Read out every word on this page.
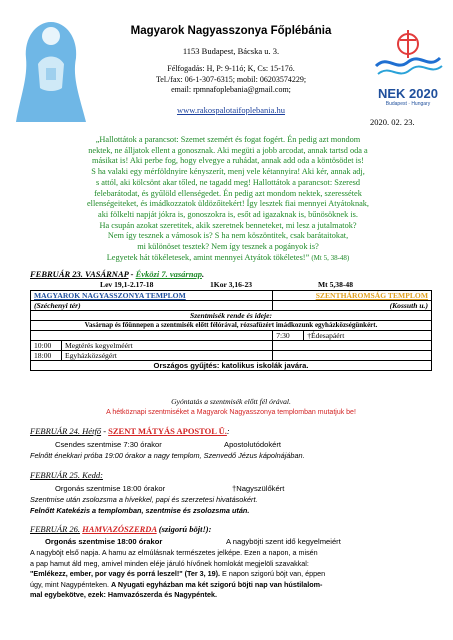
NEK 2020
Budapest · Hungary
Magyarok Nagyasszonya Főplébánia
1153 Budapest, Bácska u. 3.
Félfogadás: H, P: 9-11ó; K, Cs: 15-17ó.
Tel./fax: 06-1-307-6315; mobil: 06203574229;
email: rpmnafoplebania@gmail.com;
www.rakospalotaifoplebania.hu
2020. 02. 23.
„Hallottátok a parancsot: Szemet szemért és fogat fogért. Én pedig azt mondom
nektek, ne álljatok ellent a gonosznak. Aki megüti a jobb arcodat, annak tartsd oda a
másikat is! Aki perbe fog, hogy elvegye a ruhádat, annak add oda a köntösödet is!
S ha valaki egy mérföldnyire kényszerít, menj vele kétannyira! Aki kér, annak adj,
s attól, aki kölcsönt akar tőled, ne tagadd meg! Hallottátok a parancsot: Szeresd
felebarátodat, és gyűlöld ellenségedet. Én pedig azt mondom nektek, szeressétek
ellenségeiteket, és imádkozzatok üldözőitekért! Így lesztek fiai mennyei Atyátoknak,
aki fölkelti napját jókra is, gonoszokra is, esőt ad igazaknak is, bűnösöknek is.
Ha csupán azokat szeretitek, akik szeretnek benneteket, mi lesz a jutalmatok?
Nem így tesznek a vámosok is? S ha nem köszöntitek, csak barátaitokat,
mi különöset tesztek? Nem így tesznek a pogányok is?
Legyetek hát tökéletesek, amint mennyei Atyátok tökéletes!” (Mt 5, 38-48)
FEBRUÁR 23. VASÁRNAP - Évközi 7. vasárnap.
Lev 19,1-2.17-18	1Kor 3,16-23	Mt 5,38-48
MAGYAROK NAGYASSZONYA TEMPLOM		SZENTHÁROMSÁG TEMPLOM	
(Széchenyi tér)		(Kossuth u.)	
Szentmisék rende és ideje:			
Vasárnap és főünnepen a szentmisék előtt félórával, rózsafüzért imádkozunk egyházközségünkért.			
		7:30	†Édesapáért
10:00	Megtérés kegyelméért		
18:00	Egyházközségért		
Országos gyűjtés: katolikus iskolák javára.			
Gyóntatás a szentmisék előtt fél órával.
A hétköznapi szentmiséket a Magyarok Nagyasszonya templomban mutatjuk be!
FEBRUÁR 24. Hétfő - SZENT MÁTYÁS APOSTOL Ü.:
Csendes szentmise 7:30 órakor	Apostolutódokért
Felnőtt énekkari próba 19:00 órakor a nagy templom, Szenvedő Jézus kápolnájában.
FEBRUÁR 25. Kedd:
Orgonás szentmise 18:00 órakor	†Nagyszülőkért
Szentmise után zsolozsma a hívekkel, papi és szerzetesi hivatásokért.
Felnőtt Katekézis a templomban, szentmise és zsolozsma után.
FEBRUÁR 26. HAMVAZÓSZERDA (szigorú böjt!):
Orgonás szentmise 18:00 órakor	A nagyböjti szent idő kegyelmeiért
A nagyböjt első napja. A hamu az elmúlásnak természetes jelképe. Ezen a napon, a misén
a pap hamut áld meg, amivel minden eléje járuló hívőnek homlokát megjelöli szavakkal:
"Emlékezz, ember, por vagy és porrá leszel!" (Ter 3, 19). E napon szigorú böjt van, éppen
úgy, mint Nagypénteken. A Nyugati egyházban ma két szigorú böjti nap van hústilalom-
mal egybekötve, ezek: Hamvazószerda és Nagypéntek.
